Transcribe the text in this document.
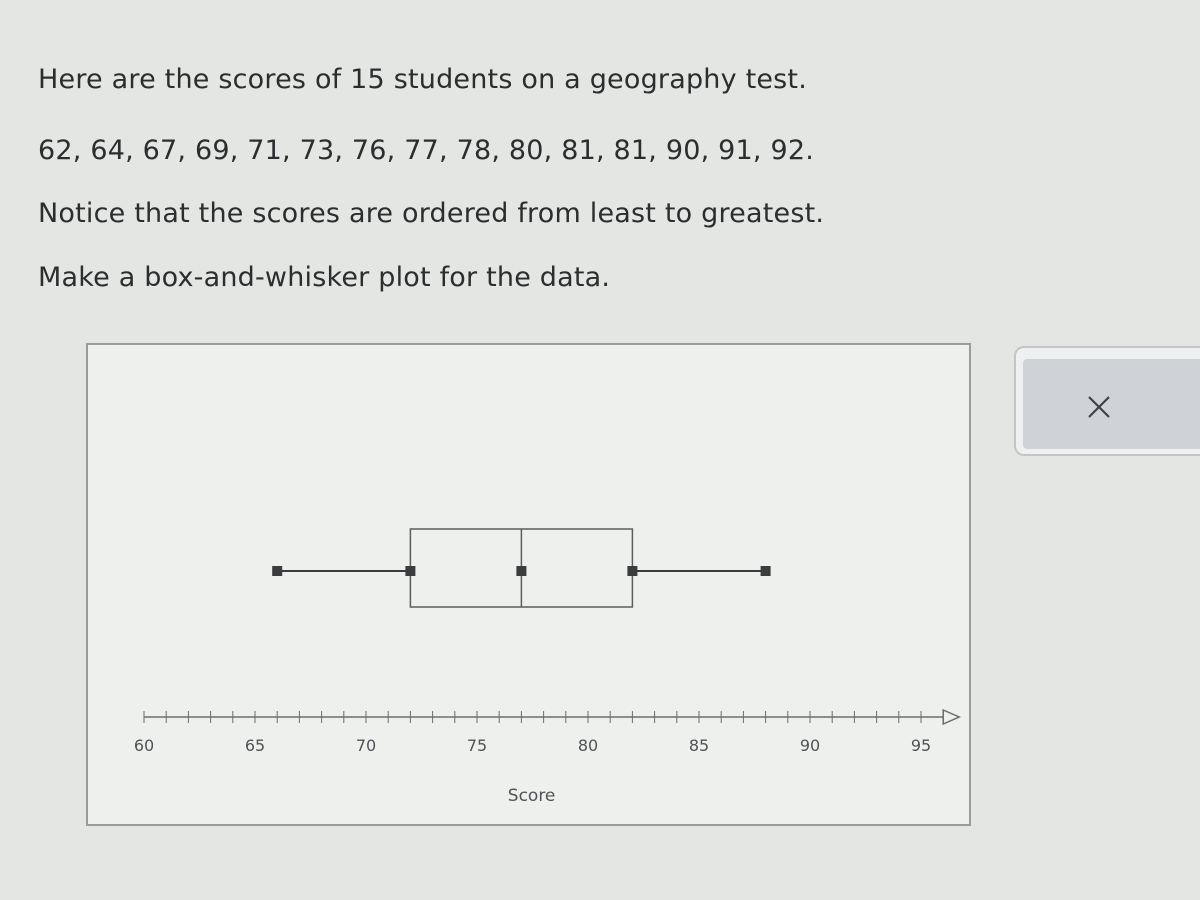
Here are the scores of 15 students on a geography test.

62, 64, 67, 69, 71, 73, 76, 77, 78, 80, 81, 81, 90, 91, 92.

Notice that the scores are ordered from least to greatest.

Make a box-and-whisker plot for the data.

60	65	70	75	80	85	90	95
Score
